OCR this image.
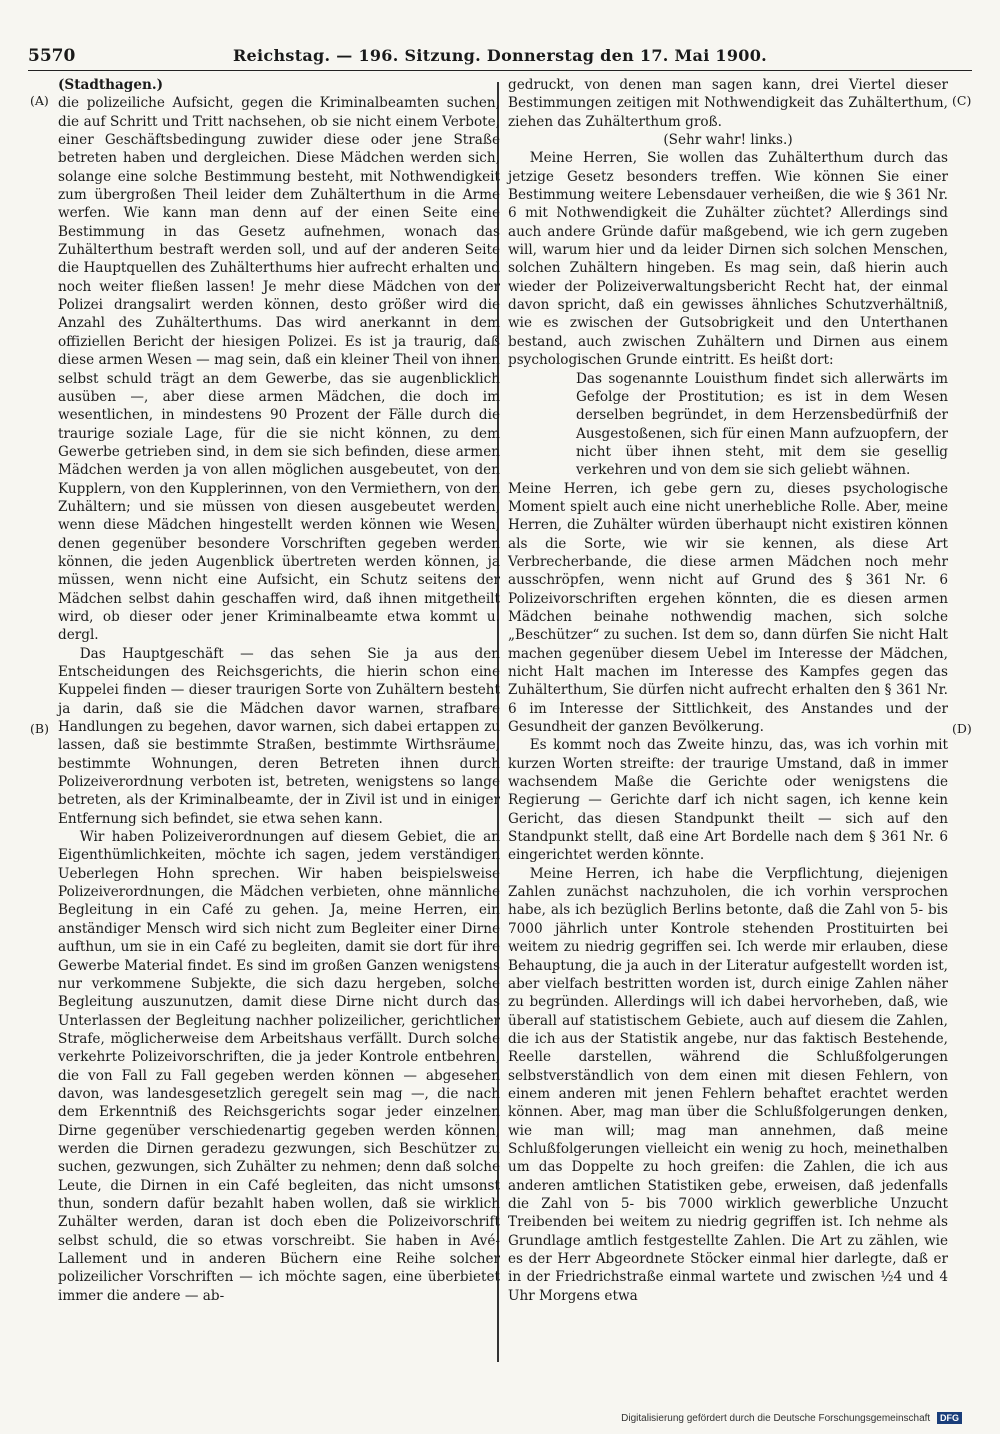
5570	Reichstag. — 196. Sitzung. Donnerstag den 17. Mai 1900.
(A)
(B)
(C)
(D)

(Stadthagen.)

die polizeiliche Aufsicht, gegen die Kriminalbeamten suchen, die auf Schritt und Tritt nachsehen, ob sie nicht einem Verbote, einer Geschäftsbedingung zuwider diese oder jene Straße betreten haben und dergleichen. Diese Mädchen werden sich, solange eine solche Bestimmung besteht, mit Nothwendigkeit zum übergroßen Theil leider dem Zuhälterthum in die Arme werfen. Wie kann man denn auf der einen Seite eine Bestimmung in das Gesetz aufnehmen, wonach das Zuhälterthum bestraft werden soll, und auf der anderen Seite die Hauptquellen des Zuhälterthums hier aufrecht erhalten und noch weiter fließen lassen! Je mehr diese Mädchen von der Polizei drangsalirt werden können, desto größer wird die Anzahl des Zuhälterthums. Das wird anerkannt in dem offiziellen Bericht der hiesigen Polizei. Es ist ja traurig, daß diese armen Wesen — mag sein, daß ein kleiner Theil von ihnen selbst schuld trägt an dem Gewerbe, das sie augenblicklich ausüben —, aber diese armen Mädchen, die doch im wesentlichen, in mindestens 90 Prozent der Fälle durch die traurige soziale Lage, für die sie nicht können, zu dem Gewerbe getrieben sind, in dem sie sich befinden, diese armen Mädchen werden ja von allen möglichen ausgebeutet, von den Kupplern, von den Kupplerinnen, von den Vermiethern, von den Zuhältern; und sie müssen von diesen ausgebeutet werden, wenn diese Mädchen hingestellt werden können wie Wesen, denen gegenüber besondere Vorschriften gegeben werden können, die jeden Augenblick übertreten werden können, ja müssen, wenn nicht eine Aufsicht, ein Schutz seitens der Mädchen selbst dahin geschaffen wird, daß ihnen mitgetheilt wird, ob dieser oder jener Kriminalbeamte etwa kommt u. dergl.

Das Hauptgeschäft — das sehen Sie ja aus den Entscheidungen des Reichsgerichts, die hierin schon eine Kuppelei finden — dieser traurigen Sorte von Zuhältern besteht ja darin, daß sie die Mädchen davor warnen, strafbare Handlungen zu begehen, davor warnen, sich dabei ertappen zu lassen, daß sie bestimmte Straßen, bestimmte Wirthsräume, bestimmte Wohnungen, deren Betreten ihnen durch Polizeiverordnung verboten ist, betreten, wenigstens so lange betreten, als der Kriminalbeamte, der in Zivil ist und in einiger Entfernung sich befindet, sie etwa sehen kann.

Wir haben Polizeiverordnungen auf diesem Gebiet, die an Eigenthümlichkeiten, möchte ich sagen, jedem verständigen Ueberlegen Hohn sprechen. Wir haben beispielsweise Polizeiverordnungen, die Mädchen verbieten, ohne männliche Begleitung in ein Café zu gehen. Ja, meine Herren, ein anständiger Mensch wird sich nicht zum Begleiter einer Dirne aufthun, um sie in ein Café zu begleiten, damit sie dort für ihre Gewerbe Material findet. Es sind im großen Ganzen wenigstens nur verkommene Subjekte, die sich dazu hergeben, solche Begleitung auszunutzen, damit diese Dirne nicht durch das Unterlassen der Begleitung nachher polizeilicher, gerichtlicher Strafe, möglicherweise dem Arbeitshaus verfällt. Durch solche verkehrte Polizeivorschriften, die ja jeder Kontrole entbehren, die von Fall zu Fall gegeben werden können — abgesehen davon, was landesgesetzlich geregelt sein mag —, die nach dem Erkenntniß des Reichsgerichts sogar jeder einzelnen Dirne gegenüber verschiedenartig gegeben werden können, werden die Dirnen geradezu gezwungen, sich Beschützer zu suchen, gezwungen, sich Zuhälter zu nehmen; denn daß solche Leute, die Dirnen in ein Café begleiten, das nicht umsonst thun, sondern dafür bezahlt haben wollen, daß sie wirklich Zuhälter werden, daran ist doch eben die Polizeivorschrift selbst schuld, die so etwas vorschreibt. Sie haben in Avé-Lallement und in anderen Büchern eine Reihe solcher polizeilicher Vorschriften — ich möchte sagen, eine überbietet immer die andere — ab-

gedruckt, von denen man sagen kann, drei Viertel dieser Bestimmungen zeitigen mit Nothwendigkeit das Zuhälterthum, ziehen das Zuhälterthum groß.

(Sehr wahr! links.)

Meine Herren, Sie wollen das Zuhälterthum durch das jetzige Gesetz besonders treffen. Wie können Sie einer Bestimmung weitere Lebensdauer verheißen, die wie § 361 Nr. 6 mit Nothwendigkeit die Zuhälter züchtet? Allerdings sind auch andere Gründe dafür maßgebend, wie ich gern zugeben will, warum hier und da leider Dirnen sich solchen Menschen, solchen Zuhältern hingeben. Es mag sein, daß hierin auch wieder der Polizeiverwaltungsbericht Recht hat, der einmal davon spricht, daß ein gewisses ähnliches Schutzverhältniß, wie es zwischen der Gutsobrigkeit und den Unterthanen bestand, auch zwischen Zuhältern und Dirnen aus einem psychologischen Grunde eintritt. Es heißt dort:

Das sogenannte Louisthum findet sich allerwärts im Gefolge der Prostitution; es ist in dem Wesen derselben begründet, in dem Herzensbedürfniß der Ausgestoßenen, sich für einen Mann aufzuopfern, der nicht über ihnen steht, mit dem sie gesellig verkehren und von dem sie sich geliebt wähnen.

Meine Herren, ich gebe gern zu, dieses psychologische Moment spielt auch eine nicht unerhebliche Rolle. Aber, meine Herren, die Zuhälter würden überhaupt nicht existiren können als die Sorte, wie wir sie kennen, als diese Art Verbrecherbande, die diese armen Mädchen noch mehr ausschröpfen, wenn nicht auf Grund des § 361 Nr. 6 Polizeivorschriften ergehen könnten, die es diesen armen Mädchen beinahe nothwendig machen, sich solche „Beschützer“ zu suchen. Ist dem so, dann dürfen Sie nicht Halt machen gegenüber diesem Uebel im Interesse der Mädchen, nicht Halt machen im Interesse des Kampfes gegen das Zuhälterthum, Sie dürfen nicht aufrecht erhalten den § 361 Nr. 6 im Interesse der Sittlichkeit, des Anstandes und der Gesundheit der ganzen Bevölkerung.

Es kommt noch das Zweite hinzu, das, was ich vorhin mit kurzen Worten streifte: der traurige Umstand, daß in immer wachsendem Maße die Gerichte oder wenigstens die Regierung — Gerichte darf ich nicht sagen, ich kenne kein Gericht, das diesen Standpunkt theilt — sich auf den Standpunkt stellt, daß eine Art Bordelle nach dem § 361 Nr. 6 eingerichtet werden könnte.

Meine Herren, ich habe die Verpflichtung, diejenigen Zahlen zunächst nachzuholen, die ich vorhin versprochen habe, als ich bezüglich Berlins betonte, daß die Zahl von 5- bis 7000 jährlich unter Kontrole stehenden Prostituirten bei weitem zu niedrig gegriffen sei. Ich werde mir erlauben, diese Behauptung, die ja auch in der Literatur aufgestellt worden ist, aber vielfach bestritten worden ist, durch einige Zahlen näher zu begründen. Allerdings will ich dabei hervorheben, daß, wie überall auf statistischem Gebiete, auch auf diesem die Zahlen, die ich aus der Statistik angebe, nur das faktisch Bestehende, Reelle darstellen, während die Schlußfolgerungen selbstverständlich von dem einen mit diesen Fehlern, von einem anderen mit jenen Fehlern behaftet erachtet werden können. Aber, mag man über die Schlußfolgerungen denken, wie man will; mag man annehmen, daß meine Schlußfolgerungen vielleicht ein wenig zu hoch, meinethalben um das Doppelte zu hoch greifen: die Zahlen, die ich aus anderen amtlichen Statistiken gebe, erweisen, daß jedenfalls die Zahl von 5- bis 7000 wirklich gewerbliche Unzucht Treibenden bei weitem zu niedrig gegriffen ist. Ich nehme als Grundlage amtlich festgestellte Zahlen. Die Art zu zählen, wie es der Herr Abgeordnete Stöcker einmal hier darlegte, daß er in der Friedrichstraße einmal wartete und zwischen ½4 und 4 Uhr Morgens etwa

Digitalisierung gefördert durch die Deutsche Forschungsgemeinschaft DFG
